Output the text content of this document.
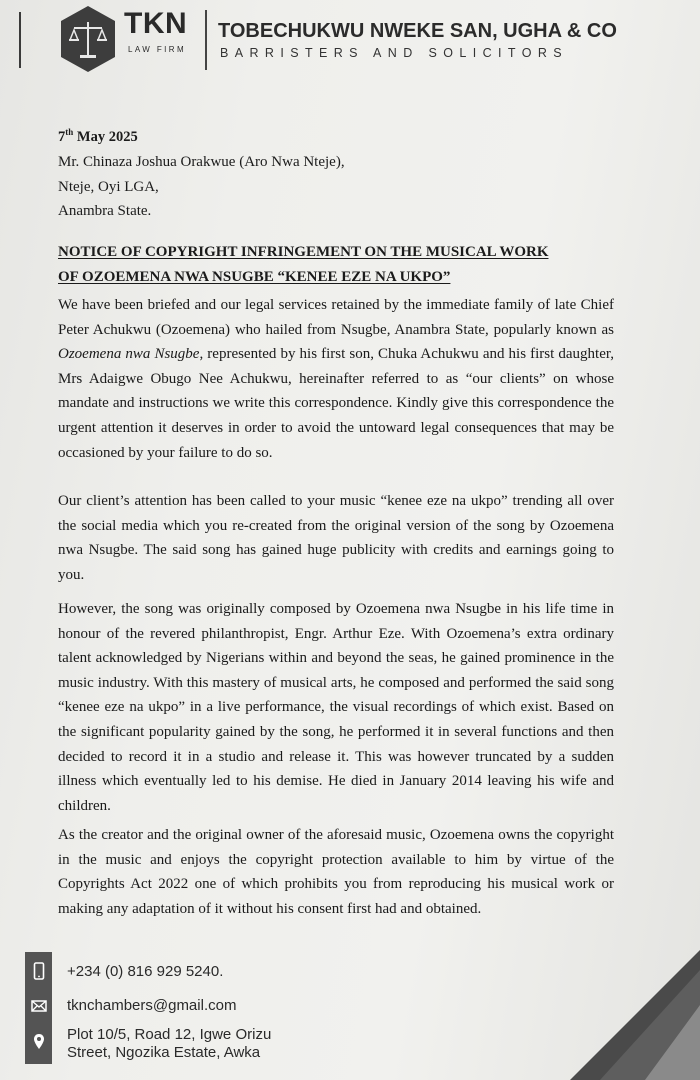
TKN
LAW FIRM
TOBECHUKWU NWEKE SAN, UGHA & CO
BARRISTERS AND SOLICITORS
7th May 2025
Mr. Chinaza Joshua Orakwue (Aro Nwa Nteje),
Nteje, Oyi LGA,
Anambra State.
NOTICE OF COPYRIGHT INFRINGEMENT ON THE MUSICAL WORK
OF OZOEMENA NWA NSUGBE “KENEE EZE NA UKPO”
We have been briefed and our legal services retained by the immediate family of late Chief Peter Achukwu (Ozoemena) who hailed from Nsugbe, Anambra State, popularly known as Ozoemena nwa Nsugbe, represented by his first son, Chuka Achukwu and his first daughter, Mrs Adaigwe Obugo Nee Achukwu, hereinafter referred to as “our clients” on whose mandate and instructions we write this correspondence. Kindly give this correspondence the urgent attention it deserves in order to avoid the untoward legal consequences that may be occasioned by your failure to do so.
Our client’s attention has been called to your music “kenee eze na ukpo” trending all over the social media which you re-created from the original version of the song by Ozoemena nwa Nsugbe. The said song has gained huge publicity with credits and earnings going to you.
However, the song was originally composed by Ozoemena nwa Nsugbe in his life time in honour of the revered philanthropist, Engr. Arthur Eze. With Ozoemena’s extra ordinary talent acknowledged by Nigerians within and beyond the seas, he gained prominence in the music industry. With this mastery of musical arts, he composed and performed the said song “kenee eze na ukpo” in a live performance, the visual recordings of which exist. Based on the significant popularity gained by the song, he performed it in several functions and then decided to record it in a studio and release it. This was however truncated by a sudden illness which eventually led to his demise. He died in January 2014 leaving his wife and children.
As the creator and the original owner of the aforesaid music, Ozoemena owns the copyright in the music and enjoys the copyright protection available to him by virtue of the Copyrights Act 2022 one of which prohibits you from reproducing his musical work or making any adaptation of it without his consent first had and obtained.
+234 (0) 816 929 5240.
tknchambers@gmail.com
Plot 10/5, Road 12, Igwe Orizu
Street, Ngozika Estate, Awka
